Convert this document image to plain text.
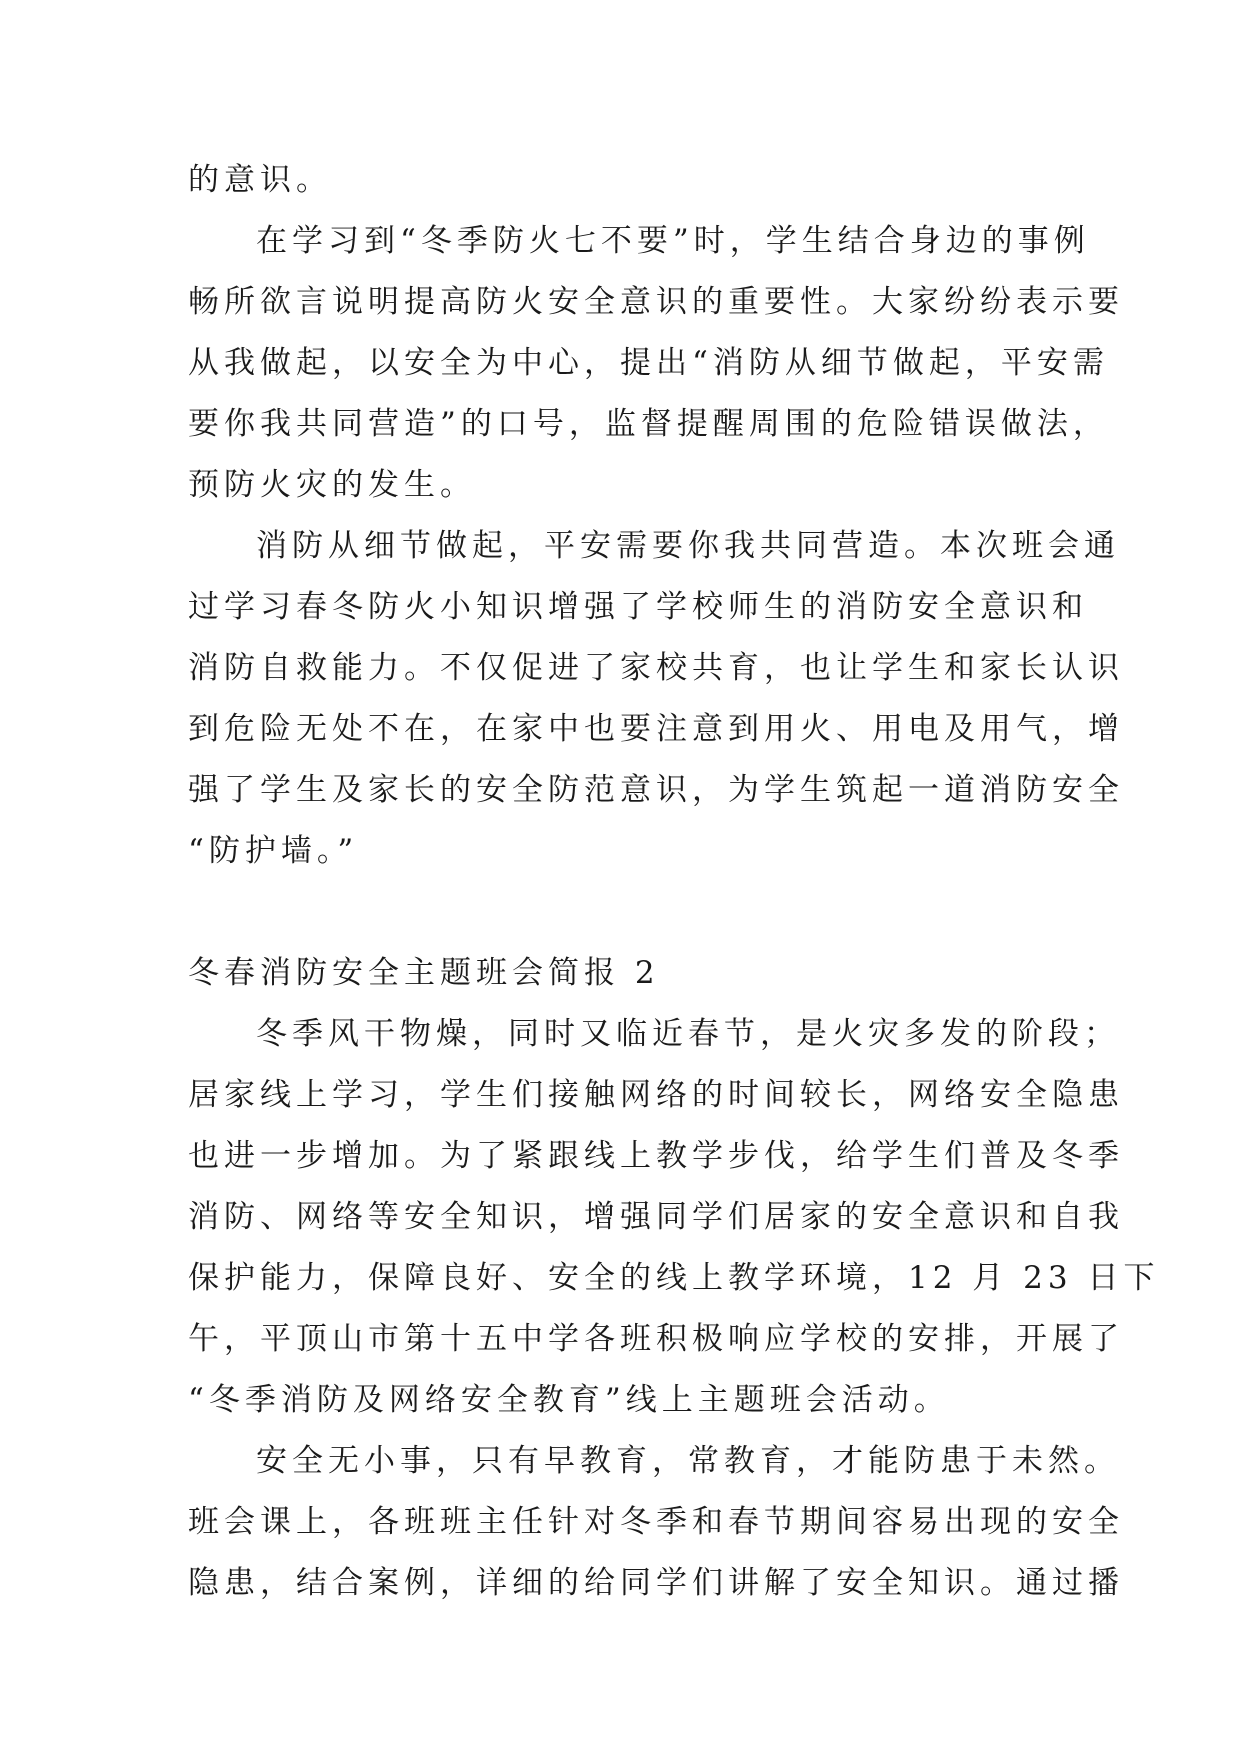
的意识。
在学习到“冬季防火七不要”时，学生结合身边的事例
畅所欲言说明提高防火安全意识的重要性。大家纷纷表示要
从我做起，以安全为中心，提出“消防从细节做起，平安需
要你我共同营造”的口号，监督提醒周围的危险错误做法，
预防火灾的发生。
消防从细节做起，平安需要你我共同营造。本次班会通
过学习春冬防火小知识增强了学校师生的消防安全意识和
消防自救能力。不仅促进了家校共育，也让学生和家长认识
到危险无处不在，在家中也要注意到用火、用电及用气，增
强了学生及家长的安全防范意识，为学生筑起一道消防安全
“防护墙。”
冬春消防安全主题班会简报 2
冬季风干物燥，同时又临近春节，是火灾多发的阶段；
居家线上学习，学生们接触网络的时间较长，网络安全隐患
也进一步增加。为了紧跟线上教学步伐，给学生们普及冬季
消防、网络等安全知识，增强同学们居家的安全意识和自我
保护能力，保障良好、安全的线上教学环境，12 月 23 日下
午，平顶山市第十五中学各班积极响应学校的安排，开展了
“冬季消防及网络安全教育”线上主题班会活动。
安全无小事，只有早教育，常教育，才能防患于未然。
班会课上，各班班主任针对冬季和春节期间容易出现的安全
隐患，结合案例，详细的给同学们讲解了安全知识。通过播
